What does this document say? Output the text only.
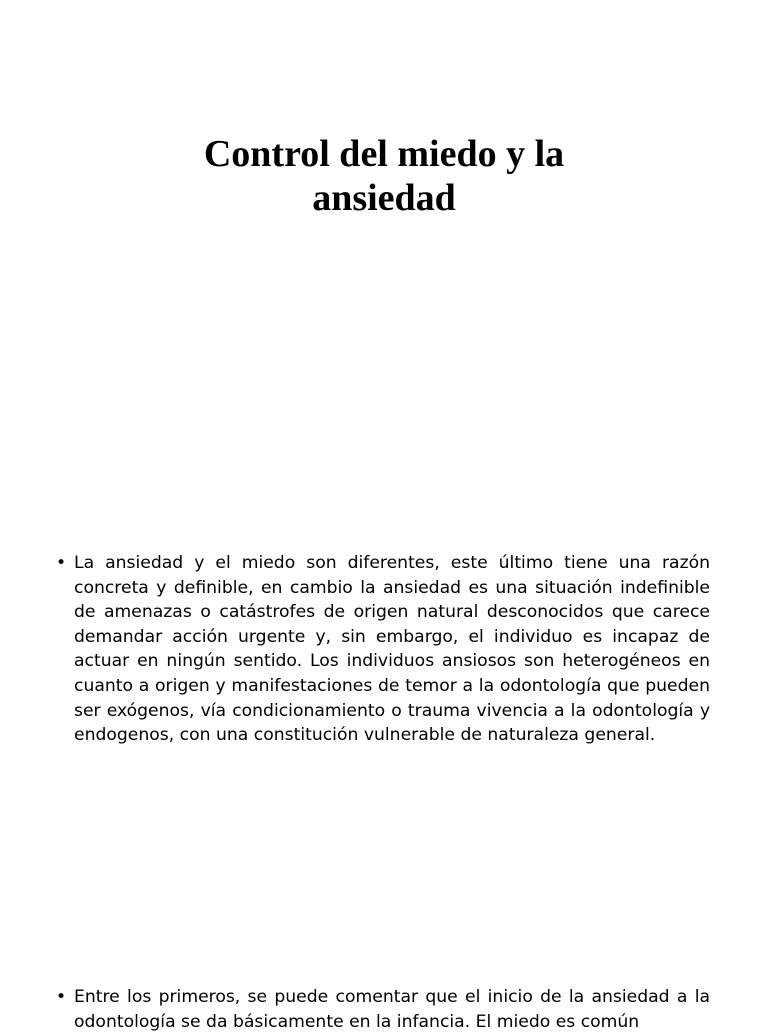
Control del miedo y la
ansiedad
• La ansiedad y el miedo son diferentes, este último tiene una razón concreta y definible, en cambio la ansiedad es una situación indefinible de amenazas o catástrofes de origen natural desconocidos que carece demandar acción urgente y, sin embargo, el individuo es incapaz de actuar en ningún sentido. Los individuos ansiosos son heterogéneos en cuanto a origen y manifestaciones de temor a la odontología que pueden ser exógenos, vía condicionamiento o trauma vivencia a la odontología y endogenos, con una constitución vulnerable de naturaleza general.
• Entre los primeros, se puede comentar que el inicio de la ansiedad a la odontología se da básicamente en la infancia. El miedo es común
